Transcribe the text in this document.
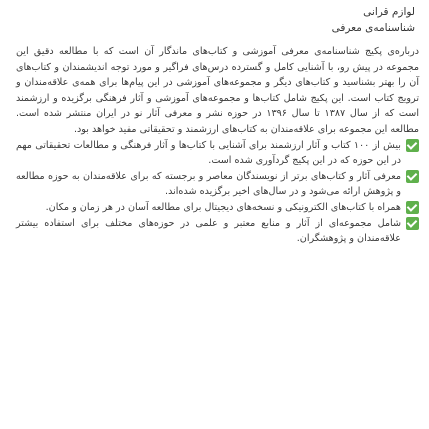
لوازم قرانی
شناسنامه‌ی معرفی

درباره‌ی پکیج شناسنامه‌ی معرفی آموزشی و کتاب‌های ماندگار آن است که با مطالعه دقیق این مجموعه در پیش رو، با آشنایی کامل و گسترده درس‌های فراگیر و مورد توجه اندیشمندان و کتاب‌های آن را بهتر بشناسید و کتاب‌های دیگر و مجموعه‌های آموزشی در این پیام‌ها برای همه‌ی علاقه‌مندان و ترویج کتاب است. این پکیج شامل کتاب‌ها و مجموعه‌های آموزشی و آثار فرهنگی برگزیده و ارزشمند است که از سال ۱۳۸۷ تا سال ۱۳۹۶ در حوزه نشر و معرفی آثار نو در ایران منتشر شده است. مطالعه این مجموعه برای علاقه‌مندان به کتاب‌های ارزشمند و تحقیقاتی مفید خواهد بود.

بیش از ۱۰۰ کتاب و آثار ارزشمند برای آشنایی با کتاب‌ها و آثار فرهنگی و مطالعات تحقیقاتی مهم در این حوزه که در این پکیج گردآوری شده است.
معرفی آثار و کتاب‌های برتر از نویسندگان معاصر و برجسته که برای علاقه‌مندان به حوزه مطالعه و پژوهش ارائه می‌شود و در سال‌های اخیر برگزیده شده‌اند.
همراه با کتاب‌های الکترونیکی و نسخه‌های دیجیتال برای مطالعه آسان در هر زمان و مکان.
شامل مجموعه‌ای از آثار و منابع معتبر و علمی در حوزه‌های مختلف برای استفاده بیشتر علاقه‌مندان و پژوهشگران.
